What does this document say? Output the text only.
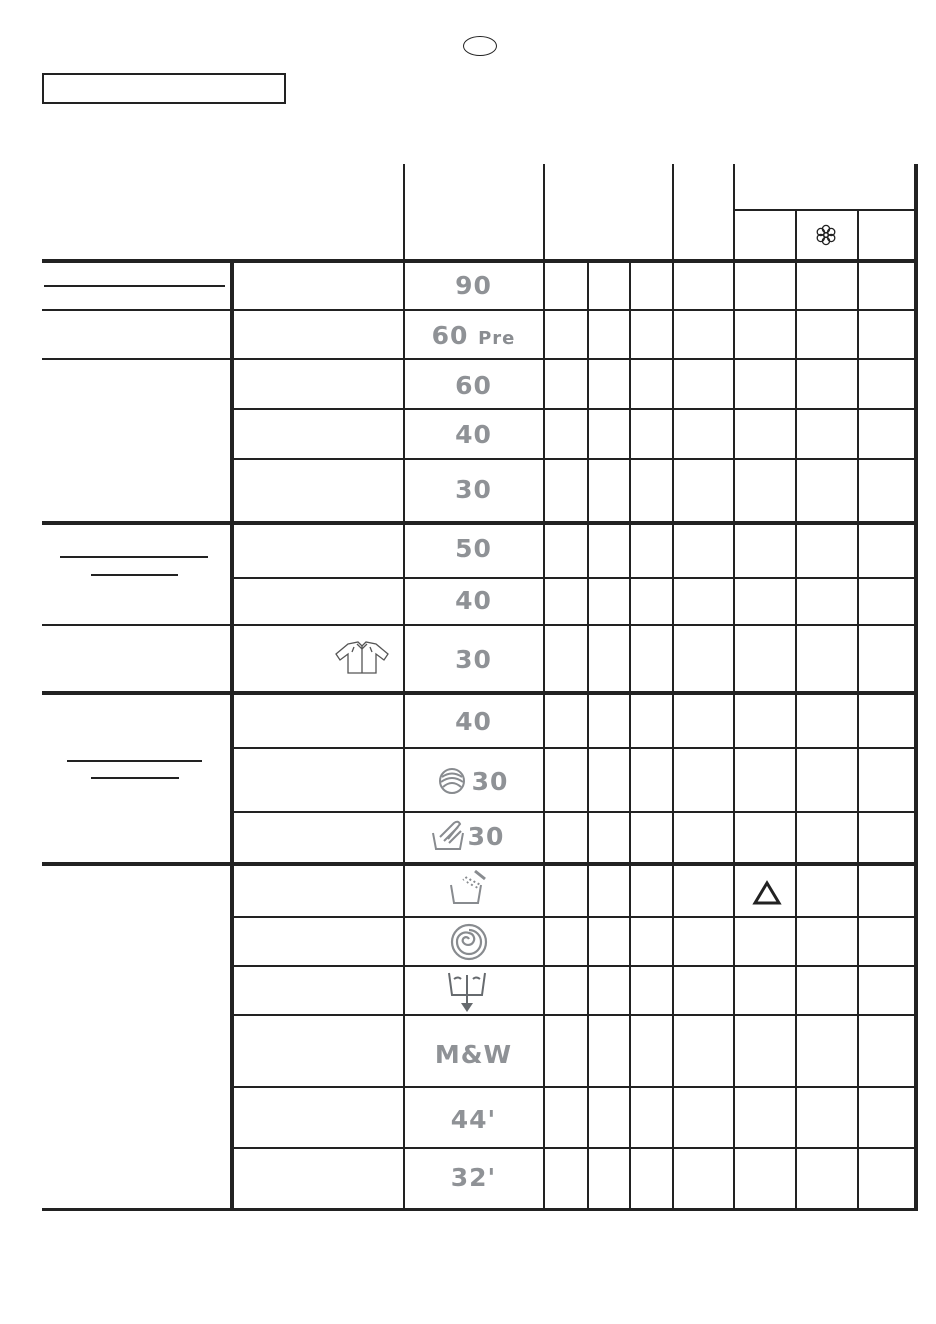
90
60 Pre
60
40
30
50
40
30
40
30
30
M&W
44'
32'
